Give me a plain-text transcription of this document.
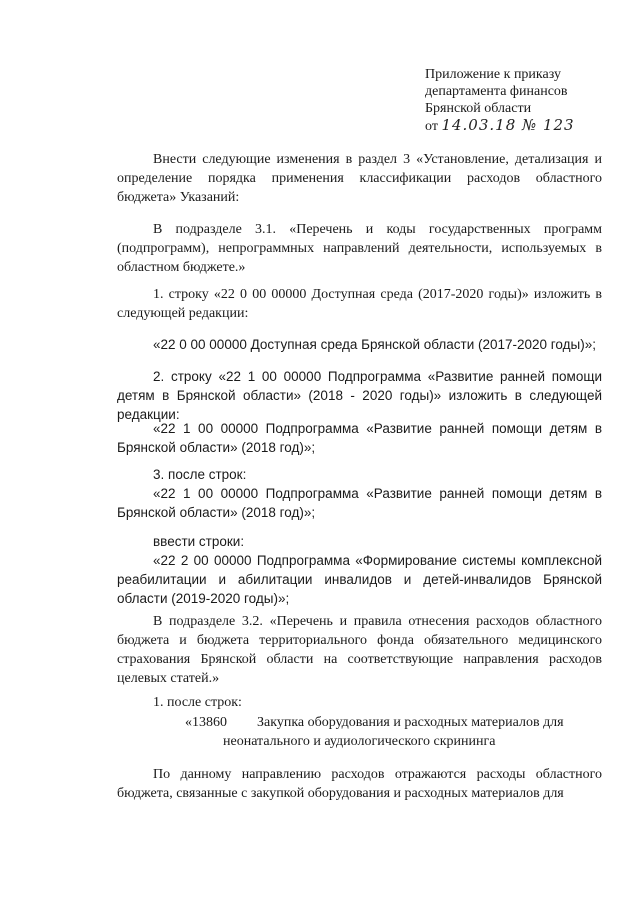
Приложение к приказу
департамента финансов
Брянской области
от 14.03.18 № 123
Внести следующие изменения в раздел 3 «Установление, детализация и определение порядка применения классификации расходов областного бюджета» Указаний:
В подразделе 3.1. «Перечень и коды государственных программ (подпрограмм), непрограммных направлений деятельности, используемых в областном бюджете.»
1. строку «22 0 00 00000 Доступная среда (2017-2020 годы)» изложить в следующей редакции:
«22 0 00 00000 Доступная среда Брянской области (2017-2020 годы)»;
2. строку «22 1 00 00000 Подпрограмма «Развитие ранней помощи детям в Брянской области» (2018 - 2020 годы)» изложить в следующей редакции:
«22 1 00 00000 Подпрограмма «Развитие ранней помощи детям в Брянской области» (2018 год)»;
3. после строк:
«22 1 00 00000 Подпрограмма «Развитие ранней помощи детям в Брянской области» (2018 год)»;
ввести строки:
«22 2 00 00000 Подпрограмма «Формирование системы комплексной реабилитации и абилитации инвалидов и детей-инвалидов Брянской области (2019-2020 годы)»;
В подразделе 3.2. «Перечень и правила отнесения расходов областного бюджета и бюджета территориального фонда обязательного медицинского страхования Брянской области на соответствующие направления расходов целевых статей.»
1. после строк:
«13860 Закупка оборудования и расходных материалов для
неонатального и аудиологического скрининга
По данному направлению расходов отражаются расходы областного бюджета, связанные с закупкой оборудования и расходных материалов для
